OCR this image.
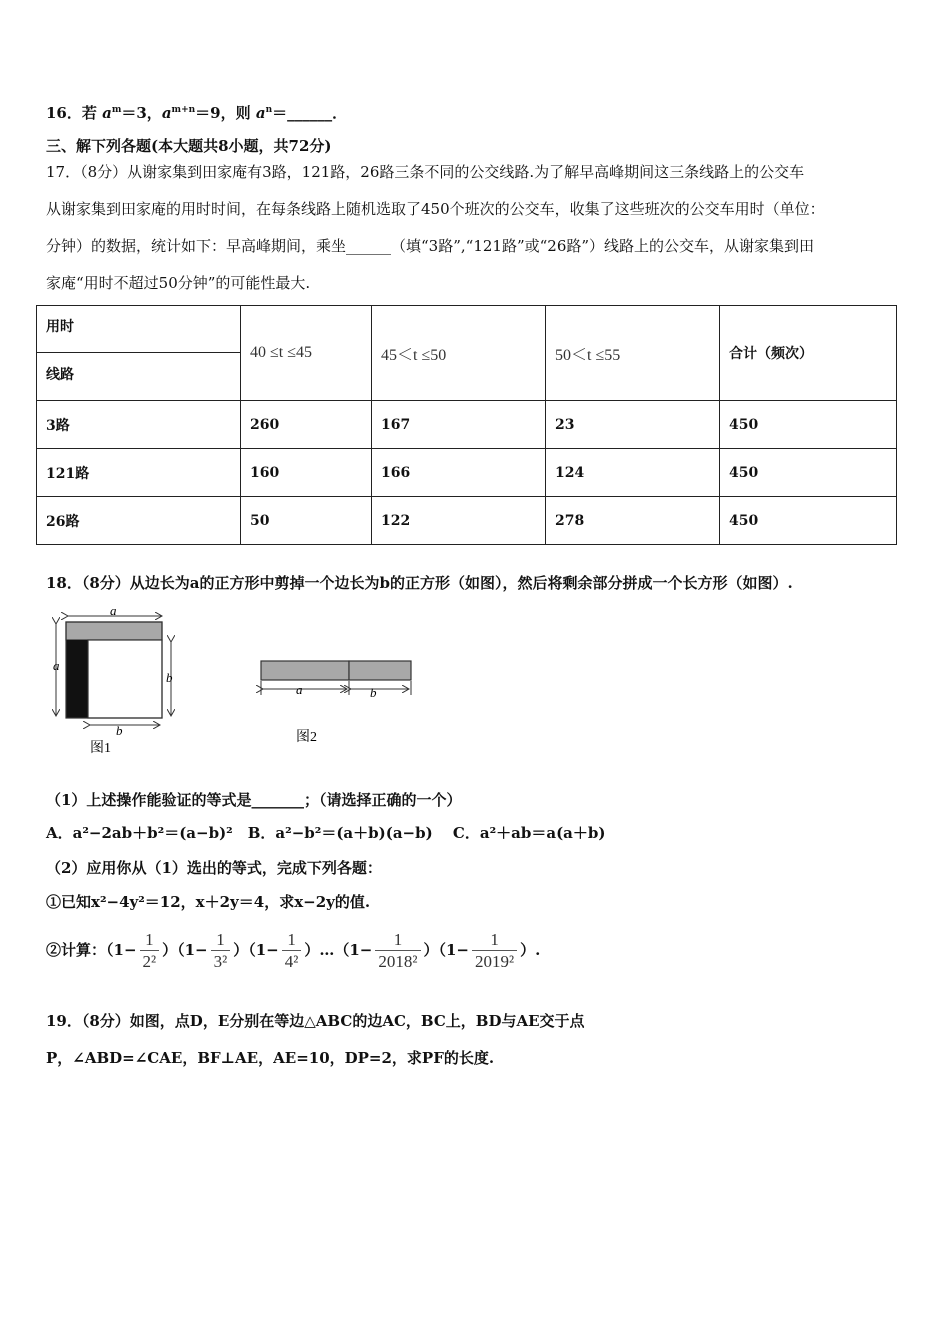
16．若 $a^m=3$，$a^{m+n}=9$，则 $a^n=\_\_\_\_\_\_$．
三、解下列各题(本大题共8小题，共72分)
17．（8分）从谢家集到田家庵有3路，121路，26路三条不同的公交线路.为了解早高峰期间这三条线路上的公交车
从谢家集到田家庵的用时时间，在每条线路上随机选取了450个班次的公交车，收集了这些班次的公交车用时（单位：
分钟）的数据，统计如下：早高峰期间，乘坐______（填“3路”,“121路”或“26路”）线路上的公交车，从谢家集到田
家庵“用时不超过50分钟”的可能性最大.
用时
线路	40 ≤t ≤45	45＜t ≤50	50＜t ≤55	合计（频次）
3路	260	167	23	450
121路	160	166	124	450
26路	50	122	278	450
18．（8分）从边长为a的正方形中剪掉一个边长为b的正方形（如图），然后将剩余部分拼成一个长方形（如图）.
a
a
b
b
图1
a	b
图2
（1）上述操作能验证的等式是_______；（请选择正确的一个）
A．a²−2ab＋b²＝(a−b)²　B．a²−b²＝(a＋b)(a−b)　 C．a²＋ab＝a(a＋b)
（2）应用你从（1）选出的等式，完成下列各题：
①已知x²−4y²＝12，x＋2y＝4，求x−2y的值.
②计算：$(1- \frac{1}{\text{2²}} )(1- \frac{1}{\text{3²}} )(1- \frac{1}{\text{4²}}$ ）…（1− $\frac{1}{\text{2018²}} )(1- \frac{1}{\text{2019²}}$ ）.
19．（8分）如图，点D，E分别在等边△ABC的边AC，BC上，BD与AE交于点
P，∠ABD=∠CAE，BF⊥AE，AE=10，DP=2，求PF的长度.
